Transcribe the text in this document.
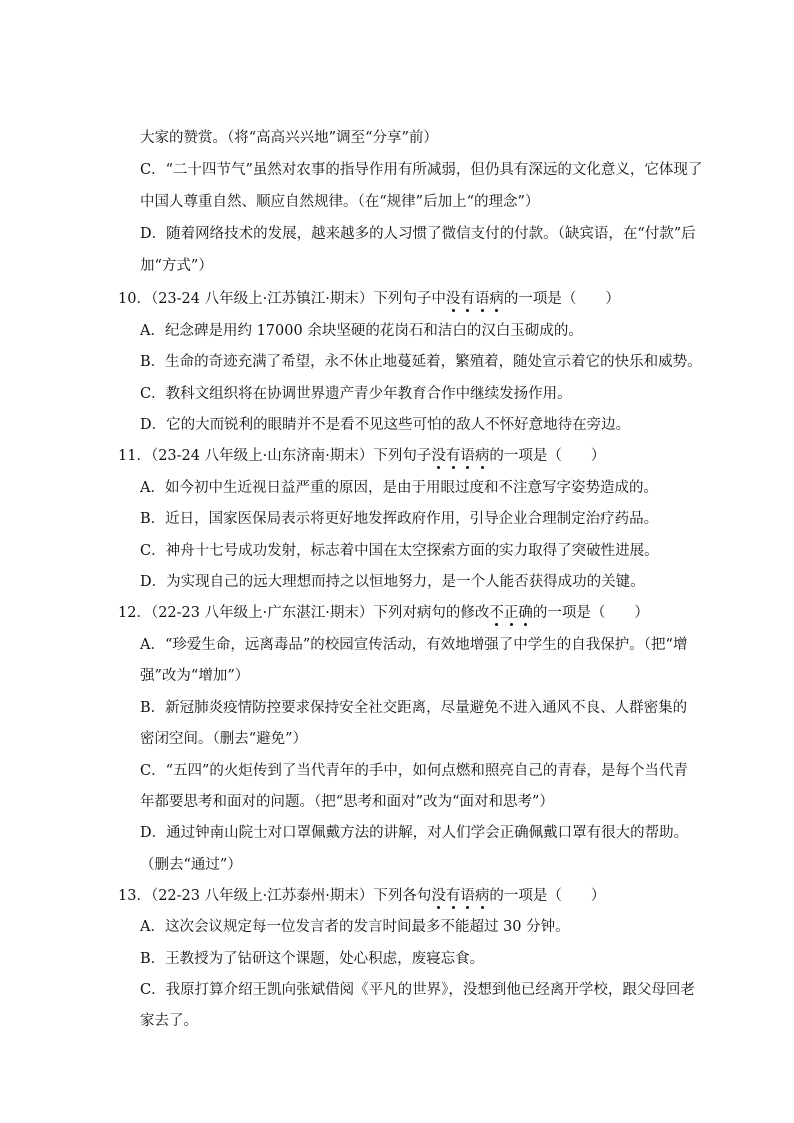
大家的赞赏。（将“高高兴兴地”调至“分享”前）
C．“二十四节气”虽然对农事的指导作用有所减弱，但仍具有深远的文化意义，它体现了
中国人尊重自然、顺应自然规律。（在“规律”后加上“的理念”）
D．随着网络技术的发展，越来越多的人习惯了微信支付的付款。（缺宾语，在“付款”后
加“方式”）
10．（23-24 八年级上·江苏镇江·期末）下列句子中没有语病的一项是（　　）
A．纪念碑是用约 17000 余块坚硬的花岗石和洁白的汉白玉砌成的。
B．生命的奇迹充满了希望，永不休止地蔓延着，繁殖着，随处宣示着它的快乐和威势。
C．教科文组织将在协调世界遗产青少年教育合作中继续发扬作用。
D．它的大而锐利的眼睛并不是看不见这些可怕的敌人不怀好意地待在旁边。
11．（23-24 八年级上·山东济南·期末）下列句子没有语病的一项是（　　）
A．如今初中生近视日益严重的原因，是由于用眼过度和不注意写字姿势造成的。
B．近日，国家医保局表示将更好地发挥政府作用，引导企业合理制定治疗药品。
C．神舟十七号成功发射，标志着中国在太空探索方面的实力取得了突破性进展。
D．为实现自己的远大理想而持之以恒地努力，是一个人能否获得成功的关键。
12．（22-23 八年级上·广东湛江·期末）下列对病句的修改不正确的一项是（　　）
A．“珍爱生命，远离毒品”的校园宣传活动，有效地增强了中学生的自我保护。（把“增
强”改为“增加”）
B．新冠肺炎疫情防控要求保持安全社交距离，尽量避免不进入通风不良、人群密集的
密闭空间。（删去“避免”）
C．“五四”的火炬传到了当代青年的手中，如何点燃和照亮自己的青春，是每个当代青
年都要思考和面对的问题。（把“思考和面对”改为“面对和思考”）
D．通过钟南山院士对口罩佩戴方法的讲解，对人们学会正确佩戴口罩有很大的帮助。
（删去“通过”）
13．（22-23 八年级上·江苏泰州·期末）下列各句没有语病的一项是（　　）
A．这次会议规定每一位发言者的发言时间最多不能超过 30 分钟。
B．王教授为了钻研这个课题，处心积虑，废寝忘食。
C．我原打算介绍王凯向张斌借阅《平凡的世界》，没想到他已经离开学校，跟父母回老
家去了。
